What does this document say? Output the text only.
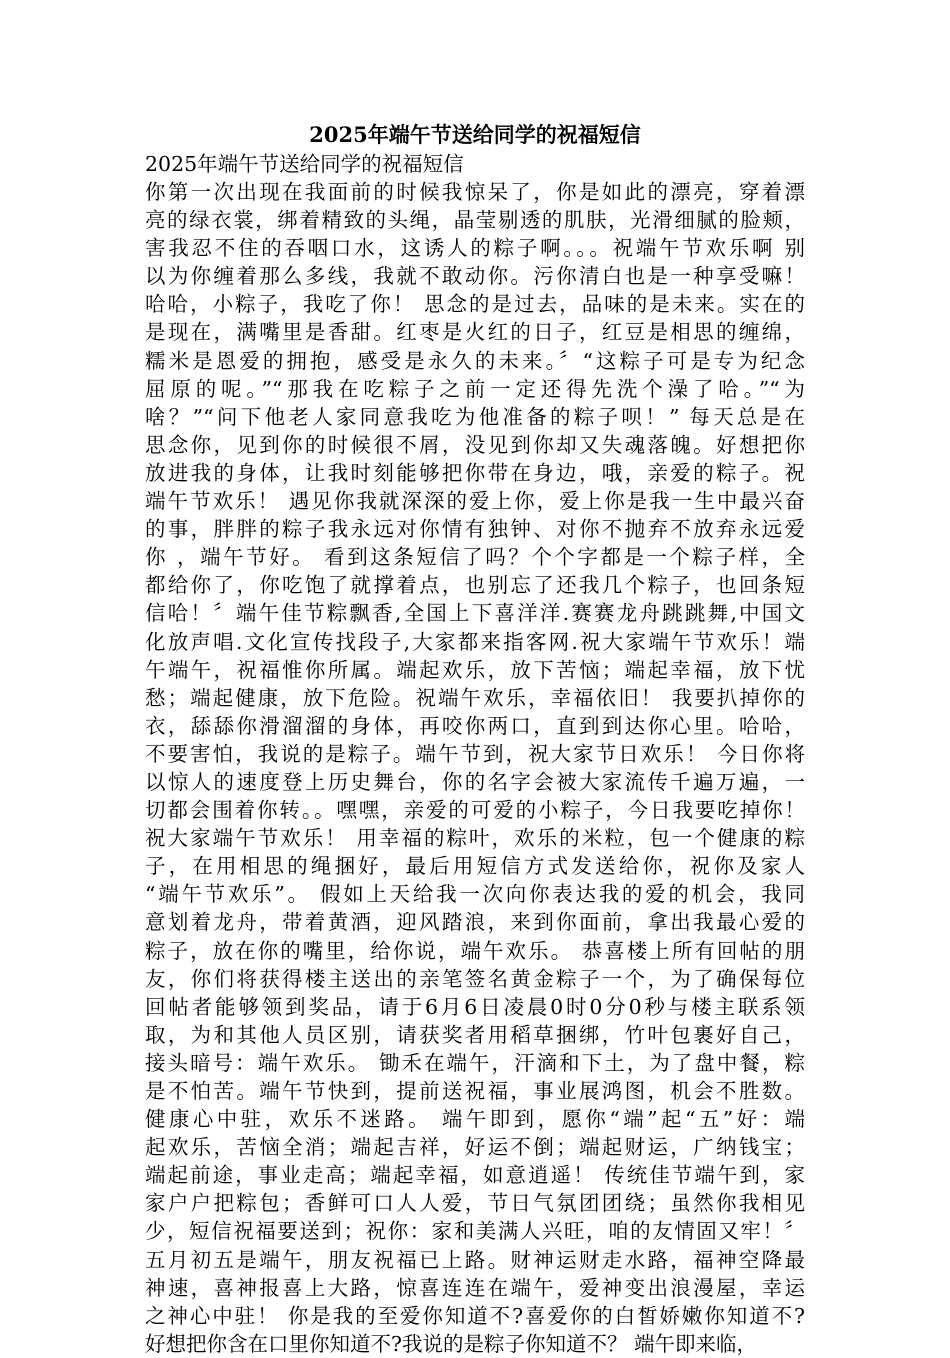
2025年端午节送给同学的祝福短信
2025年端午节送给同学的祝福短信
你第一次出现在我面前的时候我惊呆了，你是如此的漂亮，穿着漂
亮的绿衣裳，绑着精致的头绳，晶莹剔透的肌肤，光滑细腻的脸颊，
害我忍不住的吞咽口水，这诱人的粽子啊。。。祝端午节欢乐啊 别
以为你缠着那么多线，我就不敢动你。污你清白也是一种享受嘛！
哈哈，小粽子，我吃了你！ 思念的是过去，品味的是未来。实在的
是现在，满嘴里是香甜。红枣是火红的日子，红豆是相思的缠绵，
糯米是恩爱的拥抱，感受是永久的未来。〞“这粽子可是专为纪念
屈原的呢。”“那我在吃粽子之前一定还得先洗个澡了哈。”“为
啥？”“问下他老人家同意我吃为他准备的粽子呗！” 每天总是在
思念你，见到你的时候很不屑，没见到你却又失魂落魄。好想把你
放进我的身体，让我时刻能够把你带在身边，哦，亲爱的粽子。祝
端午节欢乐！ 遇见你我就深深的爱上你，爱上你是我一生中最兴奋
的事，胖胖的粽子我永远对你情有独钟、对你不抛弃不放弃永远爱
你 ，端午节好。 看到这条短信了吗？个个字都是一个粽子样，全
都给你了，你吃饱了就撑着点，也别忘了还我几个粽子，也回条短
信哈！〞端午佳节粽飘香,全国上下喜洋洋.赛赛龙舟跳跳舞,中国文
化放声唱.文化宣传找段子,大家都来指客网.祝大家端午节欢乐！端
午端午，祝福惟你所属。端起欢乐，放下苦恼；端起幸福，放下忧
愁；端起健康，放下危险。祝端午欢乐，幸福依旧！ 我要扒掉你的
衣，舔舔你滑溜溜的身体，再咬你两口，直到到达你心里。哈哈，
不要害怕，我说的是粽子。端午节到，祝大家节日欢乐！ 今日你将
以惊人的速度登上历史舞台，你的名字会被大家流传千遍万遍，一
切都会围着你转。。嘿嘿，亲爱的可爱的小粽子，今日我要吃掉你！
祝大家端午节欢乐！ 用幸福的粽叶，欢乐的米粒，包一个健康的粽
子，在用相思的绳捆好，最后用短信方式发送给你，祝你及家人
“端午节欢乐”。 假如上天给我一次向你表达我的爱的机会，我同
意划着龙舟，带着黄酒，迎风踏浪，来到你面前，拿出我最心爱的
粽子，放在你的嘴里，给你说，端午欢乐。 恭喜楼上所有回帖的朋
友，你们将获得楼主送出的亲笔签名黄金粽子一个，为了确保每位
回帖者能够领到奖品，请于6月6日凌晨0时0分0秒与楼主联系领
取，为和其他人员区别，请获奖者用稻草捆绑，竹叶包裹好自己，
接头暗号：端午欢乐。 锄禾在端午，汗滴和下土，为了盘中餐，粽
是不怕苦。端午节快到，提前送祝福，事业展鸿图，机会不胜数。
健康心中驻，欢乐不迷路。 端午即到，愿你“端”起“五”好：端
起欢乐，苦恼全消；端起吉祥，好运不倒；端起财运，广纳钱宝；
端起前途，事业走高；端起幸福，如意逍遥！ 传统佳节端午到，家
家户户把粽包；香鲜可口人人爱，节日气氛团团绕；虽然你我相见
少，短信祝福要送到；祝你：家和美满人兴旺，咱的友情固又牢！〞
五月初五是端午，朋友祝福已上路。财神运财走水路，福神空降最
神速，喜神报喜上大路，惊喜连连在端午，爱神变出浪漫屋，幸运
之神心中驻！ 你是我的至爱你知道不?喜爱你的白皙娇嫩你知道不?
好想把你含在口里你知道不?我说的是粽子你知道不？ 端午即来临，
